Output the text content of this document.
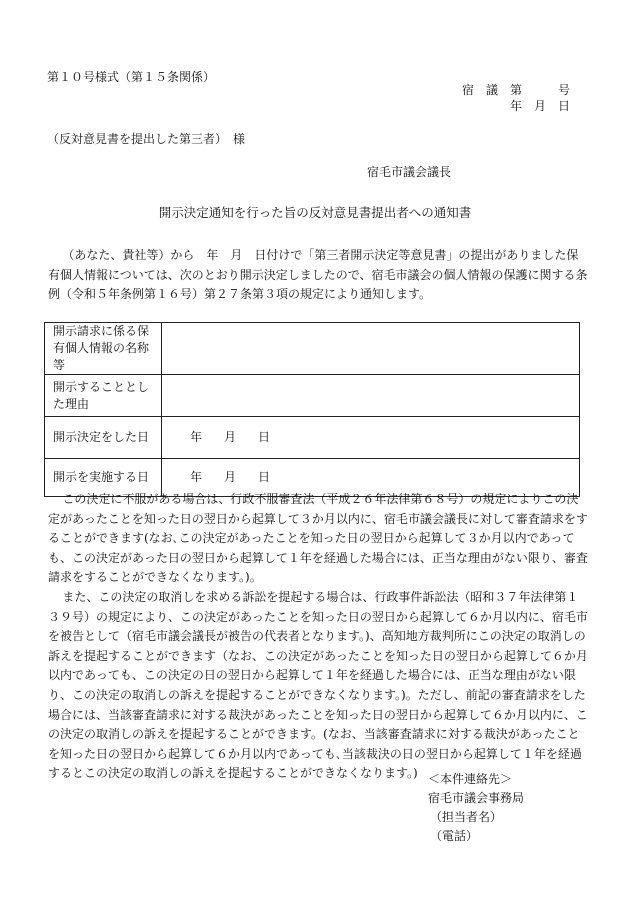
第１０号様式（第１５条関係）
宿　議　第　　　号
年　月　日
（反対意見書を提出した第三者）　様
宿毛市議会議長
開示決定通知を行った旨の反対意見書提出者への通知書

（あなた、貴社等）から　年　月　日付けで「第三者開示決定等意見書」の提出がありました保有個人情報については、次のとおり開示決定しましたので、宿毛市議会の個人情報の保護に関する条例（令和５年条例第１６号）第２７条第３項の規定により通知します。

開示請求に係る保有個人情報の名称等	
開示することとした理由	
開示決定をした日	年 月 日
開示を実施する日	年 月 日

この決定に不服がある場合は、行政不服審査法（平成２６年法律第６８号）の規定によりこの決定があったことを知った日の翌日から起算して３か月以内に、宿毛市議会議長に対して審査請求をすることができます(なお､この決定があったことを知った日の翌日から起算して３か月以内であっても、この決定があった日の翌日から起算して１年を経過した場合には、正当な理由がない限り、審査請求をすることができなくなります。)。

また、この決定の取消しを求める訴訟を提起する場合は、行政事件訴訟法（昭和３７年法律第１３９号）の規定により、この決定があったことを知った日の翌日から起算して６か月以内に、宿毛市を被告として（宿毛市議会議長が被告の代表者となります。)、高知地方裁判所にこの決定の取消しの訴えを提起することができます（なお、この決定があったことを知った日の翌日から起算して６か月以内であっても、この決定の日の翌日から起算して１年を経過した場合には、正当な理由がない限り、この決定の取消しの訴えを提起することができなくなります。)。ただし、前記の審査請求をした場合には、当該審査請求に対する裁決があったことを知った日の翌日から起算して６か月以内に、この決定の取消しの訴えを提起することができます。(なお、当該審査請求に対する裁決があったことを知った日の翌日から起算して６か月以内であっても､当該裁決の日の翌日から起算して１年を経過するとこの決定の取消しの訴えを提起することができなくなります。) ＜本件連絡先＞
宿毛市議会事務局
（担当者名）
（電話）
